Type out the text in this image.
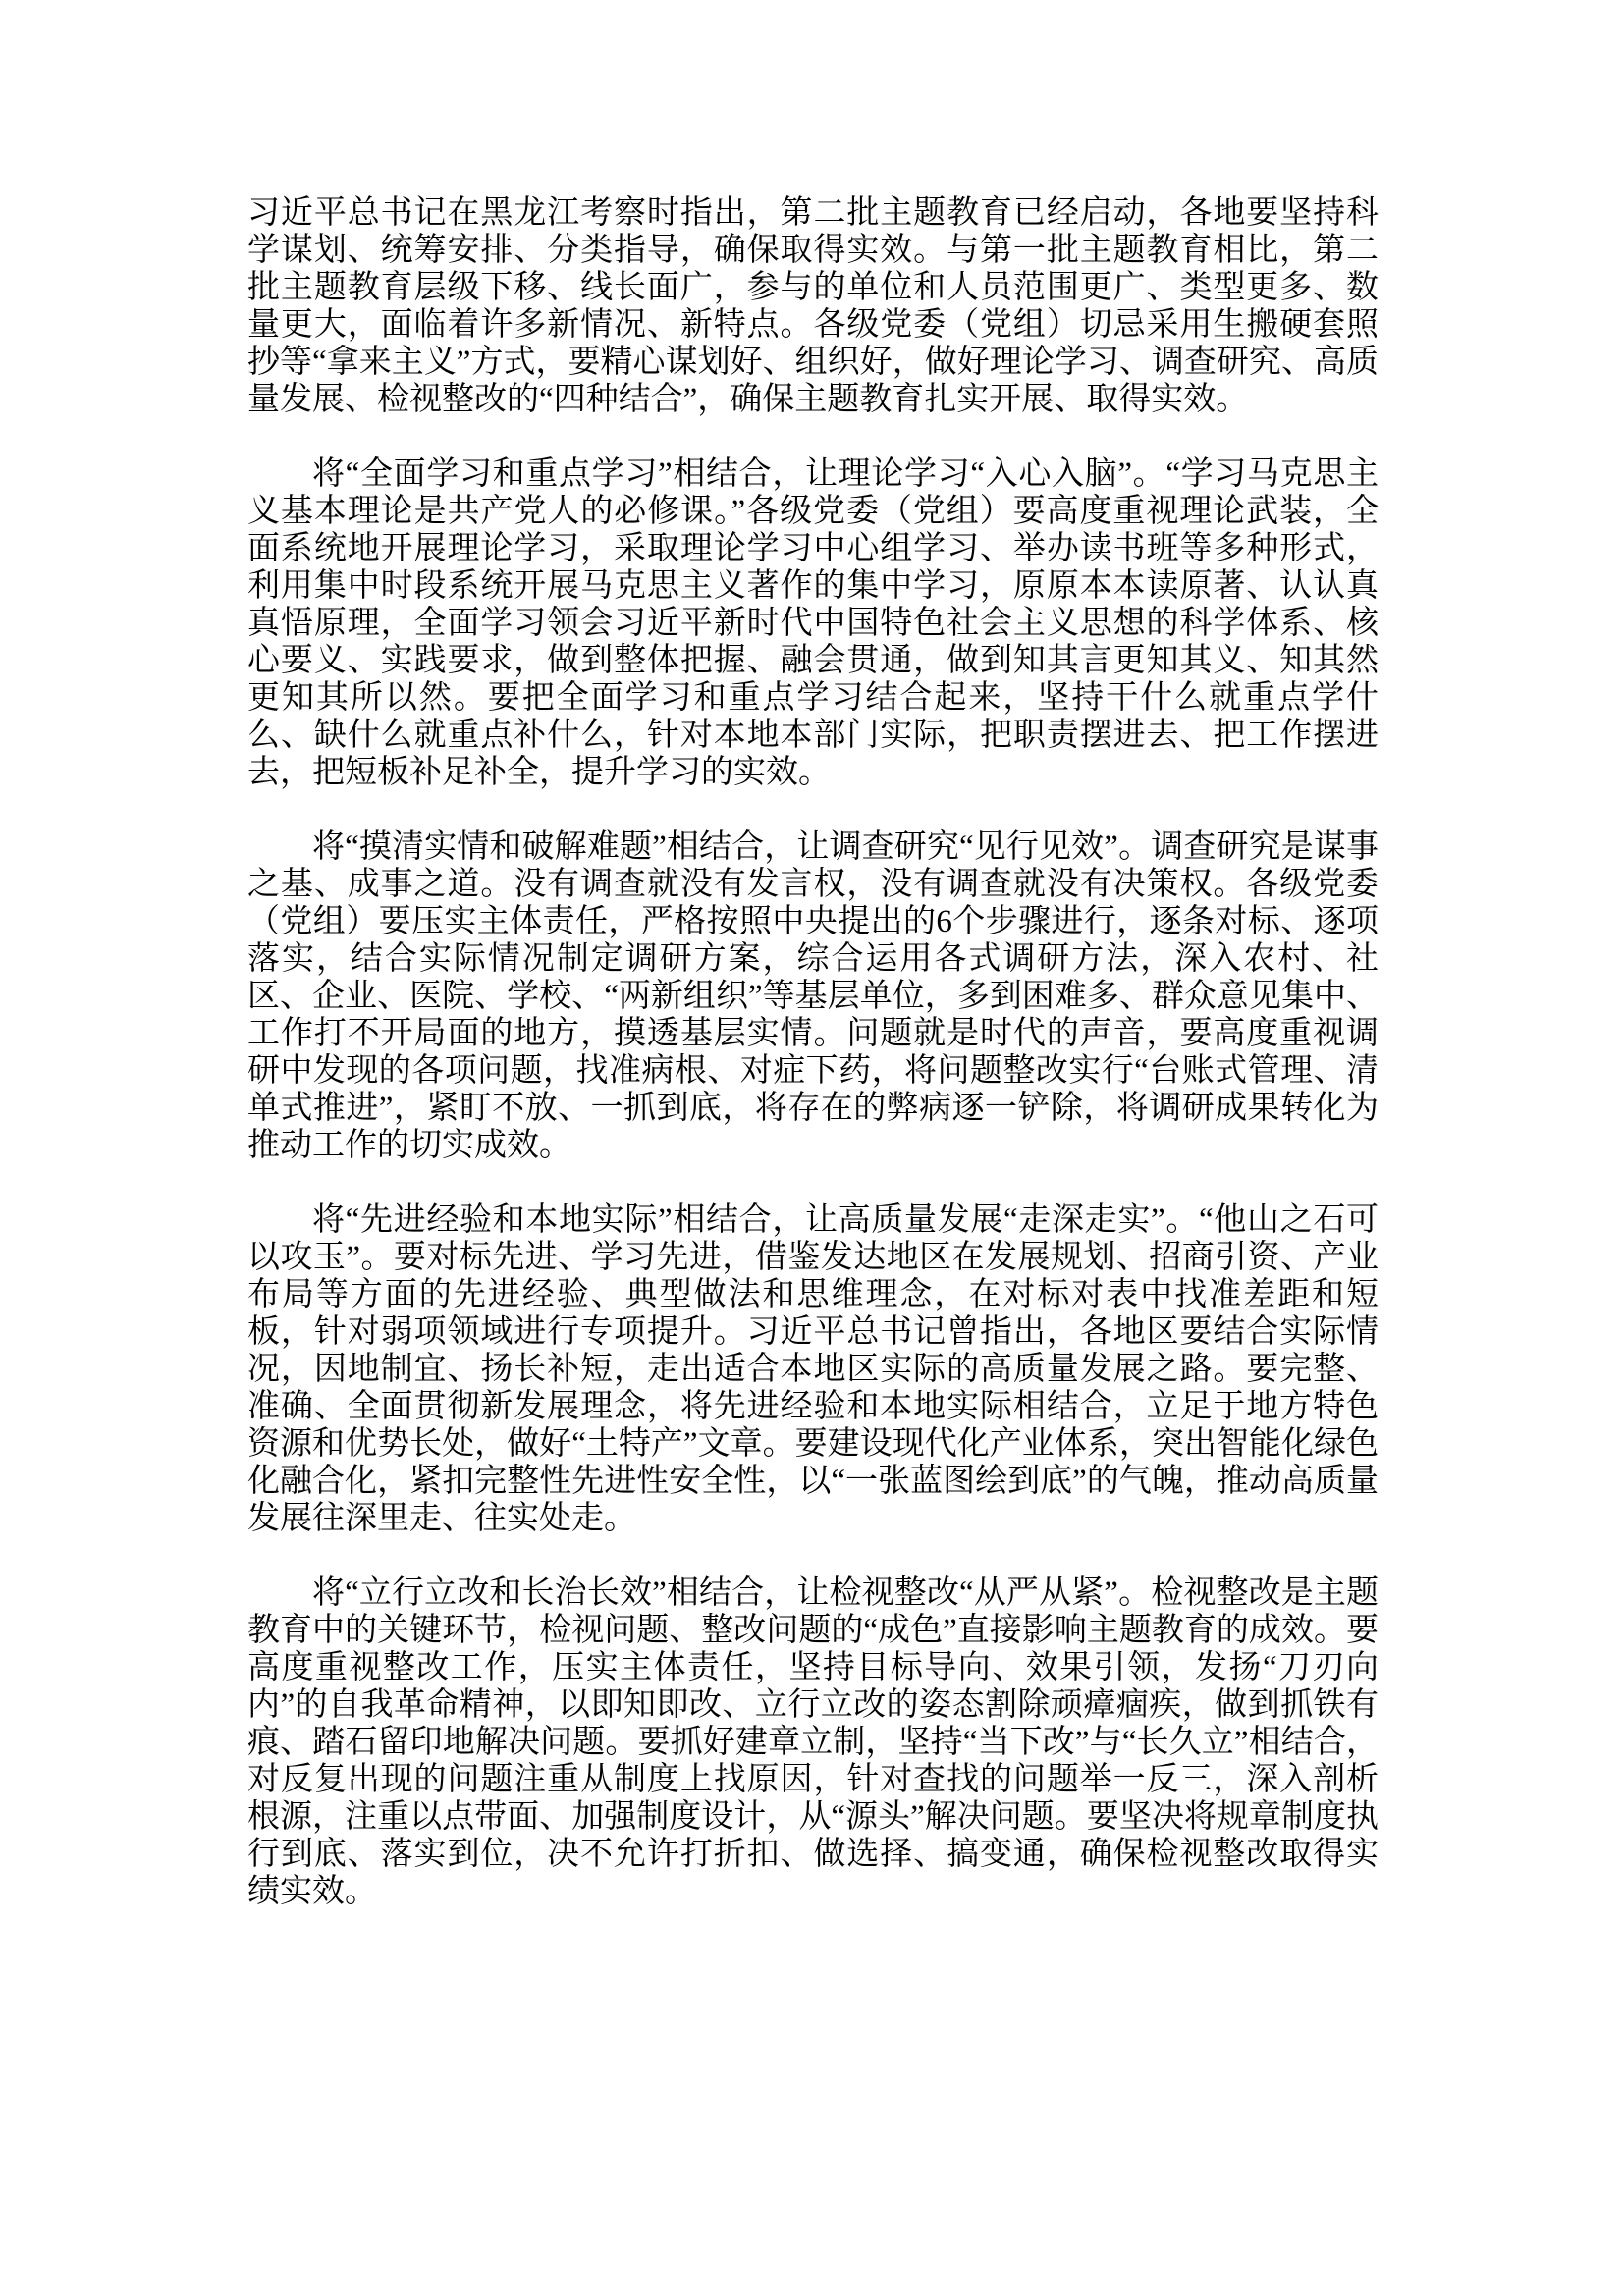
习近平总书记在黑龙江考察时指出，第二批主题教育已经启动，各地要坚持科学谋划、统筹安排、分类指导，确保取得实效。与第一批主题教育相比，第二批主题教育层级下移、线长面广，参与的单位和人员范围更广、类型更多、数量更大，面临着许多新情况、新特点。各级党委（党组）切忌采用生搬硬套照抄等“拿来主义”方式，要精心谋划好、组织好，做好理论学习、调查研究、高质量发展、检视整改的“四种结合”，确保主题教育扎实开展、取得实效。

将“全面学习和重点学习”相结合，让理论学习“入心入脑”。“学习马克思主义基本理论是共产党人的必修课。”各级党委（党组）要高度重视理论武装，全面系统地开展理论学习，采取理论学习中心组学习、举办读书班等多种形式，利用集中时段系统开展马克思主义著作的集中学习，原原本本读原著、认认真真悟原理，全面学习领会习近平新时代中国特色社会主义思想的科学体系、核心要义、实践要求，做到整体把握、融会贯通，做到知其言更知其义、知其然更知其所以然。要把全面学习和重点学习结合起来，坚持干什么就重点学什么、缺什么就重点补什么，针对本地本部门实际，把职责摆进去、把工作摆进去，把短板补足补全，提升学习的实效。

将“摸清实情和破解难题”相结合，让调查研究“见行见效”。调查研究是谋事之基、成事之道。没有调查就没有发言权，没有调查就没有决策权。各级党委（党组）要压实主体责任，严格按照中央提出的6个步骤进行，逐条对标、逐项落实，结合实际情况制定调研方案，综合运用各式调研方法，深入农村、社区、企业、医院、学校、“两新组织”等基层单位，多到困难多、群众意见集中、工作打不开局面的地方，摸透基层实情。问题就是时代的声音，要高度重视调研中发现的各项问题，找准病根、对症下药，将问题整改实行“台账式管理、清单式推进”，紧盯不放、一抓到底，将存在的弊病逐一铲除，将调研成果转化为推动工作的切实成效。

将“先进经验和本地实际”相结合，让高质量发展“走深走实”。“他山之石可以攻玉”。要对标先进、学习先进，借鉴发达地区在发展规划、招商引资、产业布局等方面的先进经验、典型做法和思维理念，在对标对表中找准差距和短板，针对弱项领域进行专项提升。习近平总书记曾指出，各地区要结合实际情况，因地制宜、扬长补短，走出适合本地区实际的高质量发展之路。要完整、准确、全面贯彻新发展理念，将先进经验和本地实际相结合，立足于地方特色资源和优势长处，做好“土特产”文章。要建设现代化产业体系，突出智能化绿色化融合化，紧扣完整性先进性安全性，以“一张蓝图绘到底”的气魄，推动高质量发展往深里走、往实处走。

将“立行立改和长治长效”相结合，让检视整改“从严从紧”。检视整改是主题教育中的关键环节，检视问题、整改问题的“成色”直接影响主题教育的成效。要高度重视整改工作，压实主体责任，坚持目标导向、效果引领，发扬“刀刃向内”的自我革命精神，以即知即改、立行立改的姿态割除顽瘴痼疾，做到抓铁有痕、踏石留印地解决问题。要抓好建章立制，坚持“当下改”与“长久立”相结合，对反复出现的问题注重从制度上找原因，针对查找的问题举一反三，深入剖析根源，注重以点带面、加强制度设计，从“源头”解决问题。要坚决将规章制度执行到底、落实到位，决不允许打折扣、做选择、搞变通，确保检视整改取得实绩实效。
